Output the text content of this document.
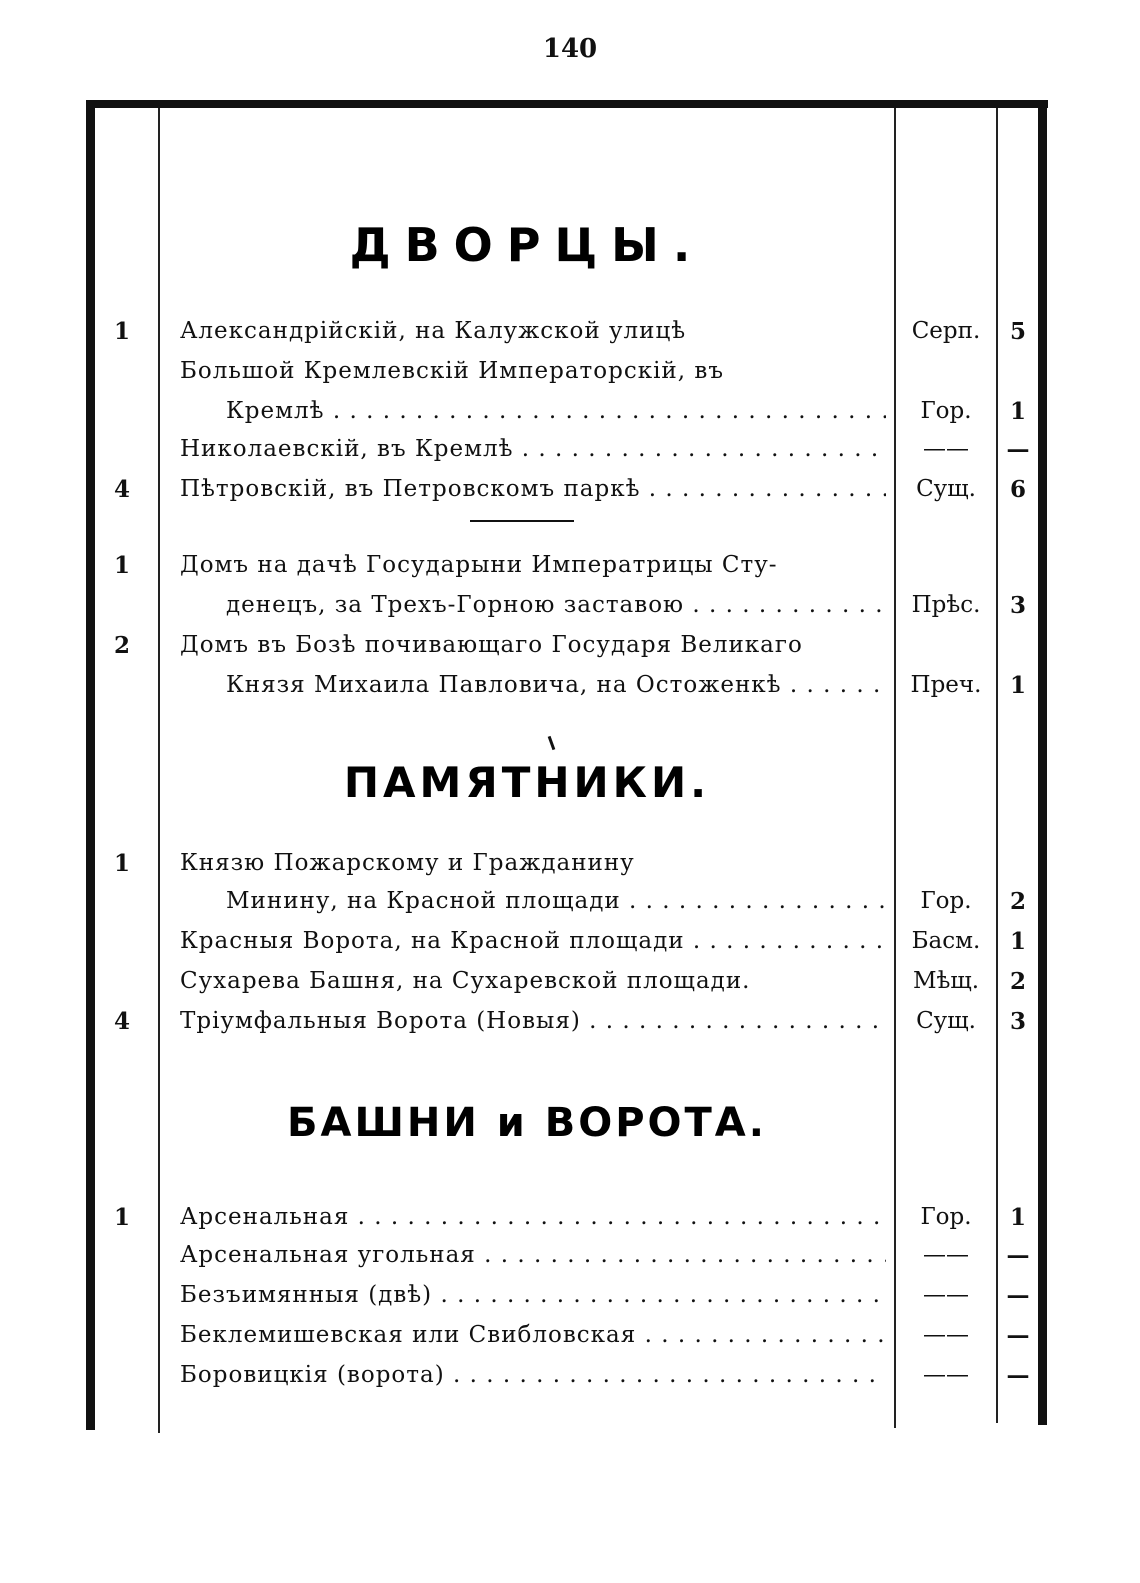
140
ДВОРЦЫ.
1	Александрійскій, на Калужской улицѣ	Серп.	5
Большой Кремлевскій Императорскій, въ
Кремлѣ . . .	Гор.	1
Николаевскій, въ Кремлѣ . . .	——	—
4	Пѣтровскій, въ Петровскомъ паркѣ . . .	Сущ.	6
1	Домъ на дачѣ Государыни Императрицы Сту-
денецъ, за Трехъ-Горною заставою . . .	Прѣс.	3
2	Домъ въ Бозѣ почивающаго Государя Великаго
Князя Михаила Павловича, на Остоженкѣ . . .	Преч.	1
ПАМЯТНИКИ.
1	Князю Пожарскому и Гражданину
Минину, на Красной площади . . .	Гор.	2
Красныя Ворота, на Красной площади . . .	Басм.	1
Сухарева Башня, на Сухаревской площади.	Мѣщ.	2
4	Тріумфальныя Ворота (Новыя) . . .	Сущ.	3
БАШНИ и ВОРОТА.
1	Арсенальная . . .	Гор.	1
Арсенальная угольная . . .	——	—
Безъимянныя (двѣ) . . .	——	—
Беклемишевская или Свибловская . . .	——	—
Боровицкія (ворота) . . .	——	—
